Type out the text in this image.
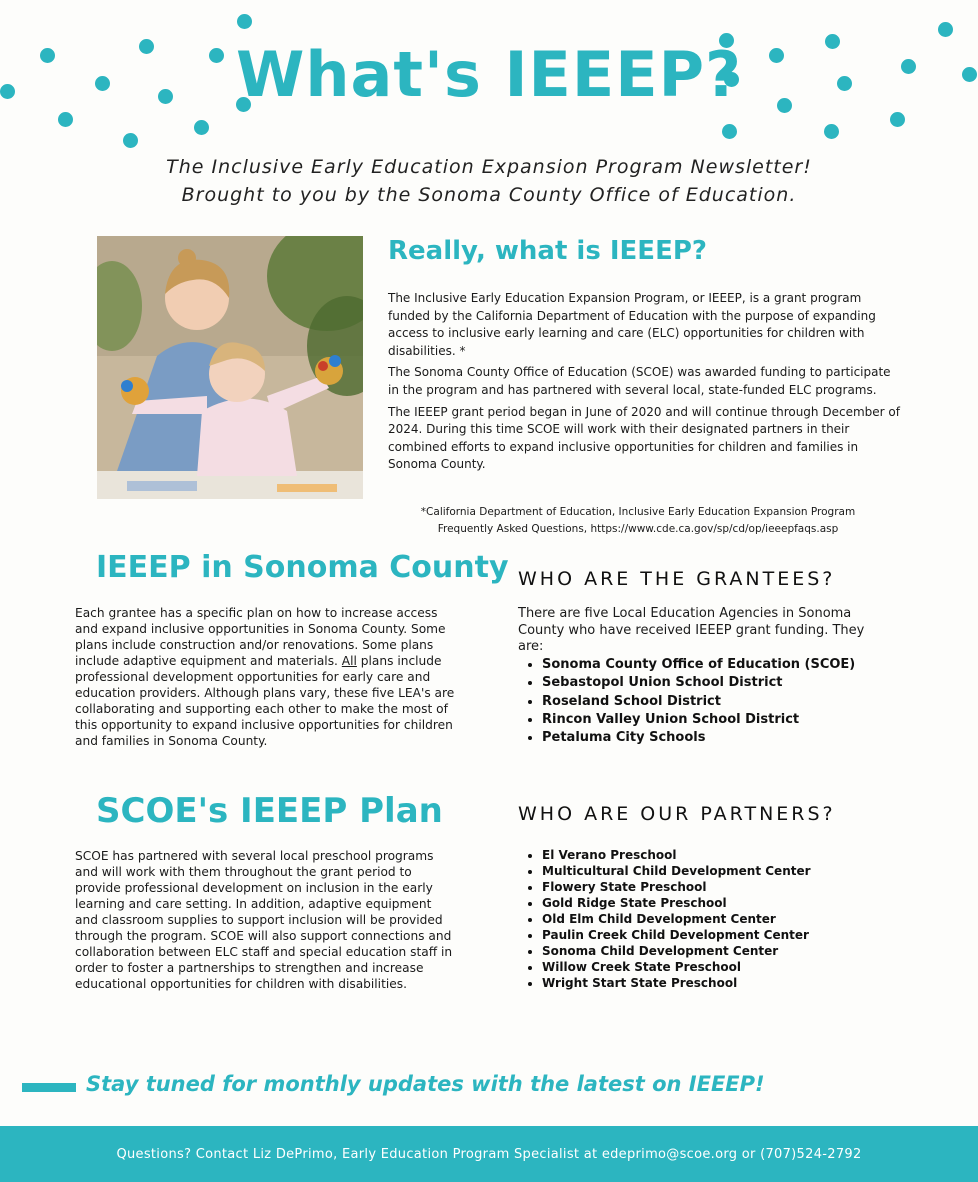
What's IEEEP?
The Inclusive Early Education Expansion Program Newsletter!
Brought to you by the Sonoma County Office of Education.
Really, what is IEEEP?

The Inclusive Early Education Expansion Program, or IEEEP, is a grant program funded by the California Department of Education with the purpose of expanding access to inclusive early learning and care (ELC) opportunities for children with disabilities. *

The Sonoma County Office of Education (SCOE) was awarded funding to participate in the program and has partnered with several local, state-funded ELC programs.

The IEEEP grant period began in June of 2020 and will continue through December of 2024. During this time SCOE will work with their designated partners in their combined efforts to expand inclusive opportunities for children and families in Sonoma County.

*California Department of Education, Inclusive Early Education Expansion Program
Frequently Asked Questions, https://www.cde.ca.gov/sp/cd/op/ieeepfaqs.asp
IEEEP in Sonoma County
Each grantee has a specific plan on how to increase access and expand inclusive opportunities in Sonoma County. Some plans include construction and/or renovations. Some plans include adaptive equipment and materials. All plans include professional development opportunities for early care and education providers. Although plans vary, these five LEA's are collaborating and supporting each other to make the most of this opportunity to expand inclusive opportunities for children and families in Sonoma County.
WHO ARE THE GRANTEES?
There are five Local Education Agencies in Sonoma County who have received IEEEP grant funding. They are:
• Sonoma County Office of Education (SCOE)
• Sebastopol Union School District
• Roseland School District
• Rincon Valley Union School District
• Petaluma City Schools
SCOE's IEEEP Plan
SCOE has partnered with several local preschool programs and will work with them throughout the grant period to provide professional development on inclusion in the early learning and care setting. In addition, adaptive equipment and classroom supplies to support inclusion will be provided through the program. SCOE will also support connections and collaboration between ELC staff and special education staff in order to foster a partnerships to strengthen and increase educational opportunities for children with disabilities.
WHO ARE OUR PARTNERS?
• El Verano Preschool
• Multicultural Child Development Center
• Flowery State Preschool
• Gold Ridge State Preschool
• Old Elm Child Development Center
• Paulin Creek Child Development Center
• Sonoma Child Development Center
• Willow Creek State Preschool
• Wright Start State Preschool
Stay tuned for monthly updates with the latest on IEEEP!
Questions? Contact Liz DePrimo, Early Education Program Specialist at edeprimo@scoe.org or (707)524-2792
